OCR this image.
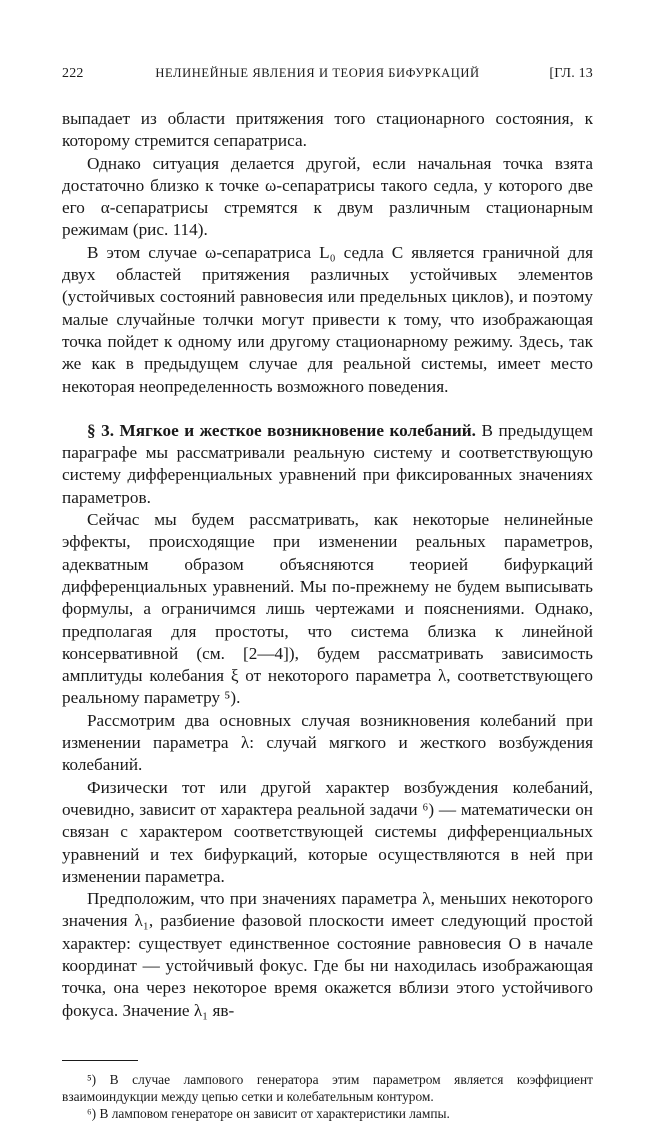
222	НЕЛИНЕЙНЫЕ ЯВЛЕНИЯ И ТЕОРИЯ БИФУРКАЦИЙ	[ГЛ. 13

выпадает из области притяжения того стационарного состояния, к которому стремится сепаратриса.

Однако ситуация делается другой, если начальная точка взята достаточно близко к точке ω-сепаратрисы такого седла, у которого две его α-сепаратрисы стремятся к двум различным стационарным режимам (рис. 114).

В этом случае ω-сепаратриса L₀ седла C является граничной для двух областей притяжения различных устойчивых элементов (устойчивых состояний равновесия или предельных циклов), и поэтому малые случайные толчки могут привести к тому, что изображающая точка пойдет к одному или другому стационарному режиму. Здесь, так же как в предыдущем случае для реальной системы, имеет место некоторая неопределенность возможного поведения.

§ 3. Мягкое и жесткое возникновение колебаний. В предыдущем параграфе мы рассматривали реальную систему и соответствующую систему дифференциальных уравнений при фиксированных значениях параметров.

Сейчас мы будем рассматривать, как некоторые нелинейные эффекты, происходящие при изменении реальных параметров, адекватным образом объясняются теорией бифуркаций дифференциальных уравнений. Мы по-прежнему не будем выписывать формулы, а ограничимся лишь чертежами и пояснениями. Однако, предполагая для простоты, что система близка к линейной консервативной (см. [2—4]), будем рассматривать зависимость амплитуды колебания ξ от некоторого параметра λ, соответствующего реальному параметру ⁵).

Рассмотрим два основных случая возникновения колебаний при изменении параметра λ: случай мягкого и жесткого возбуждения колебаний.

Физически тот или другой характер возбуждения колебаний, очевидно, зависит от характера реальной задачи ⁶) — математически он связан с характером соответствующей системы дифференциальных уравнений и тех бифуркаций, которые осуществляются в ней при изменении параметра.

Предположим, что при значениях параметра λ, меньших некоторого значения λ₁, разбиение фазовой плоскости имеет следующий простой характер: существует единственное состояние равновесия O в начале координат — устойчивый фокус. Где бы ни находилась изображающая точка, она через некоторое время окажется вблизи этого устойчивого фокуса. Значение λ₁ яв-

⁵) В случае лампового генератора этим параметром является коэффициент взаимоиндукции между цепью сетки и колебательным контуром.

⁶) В ламповом генераторе он зависит от характеристики лампы.
